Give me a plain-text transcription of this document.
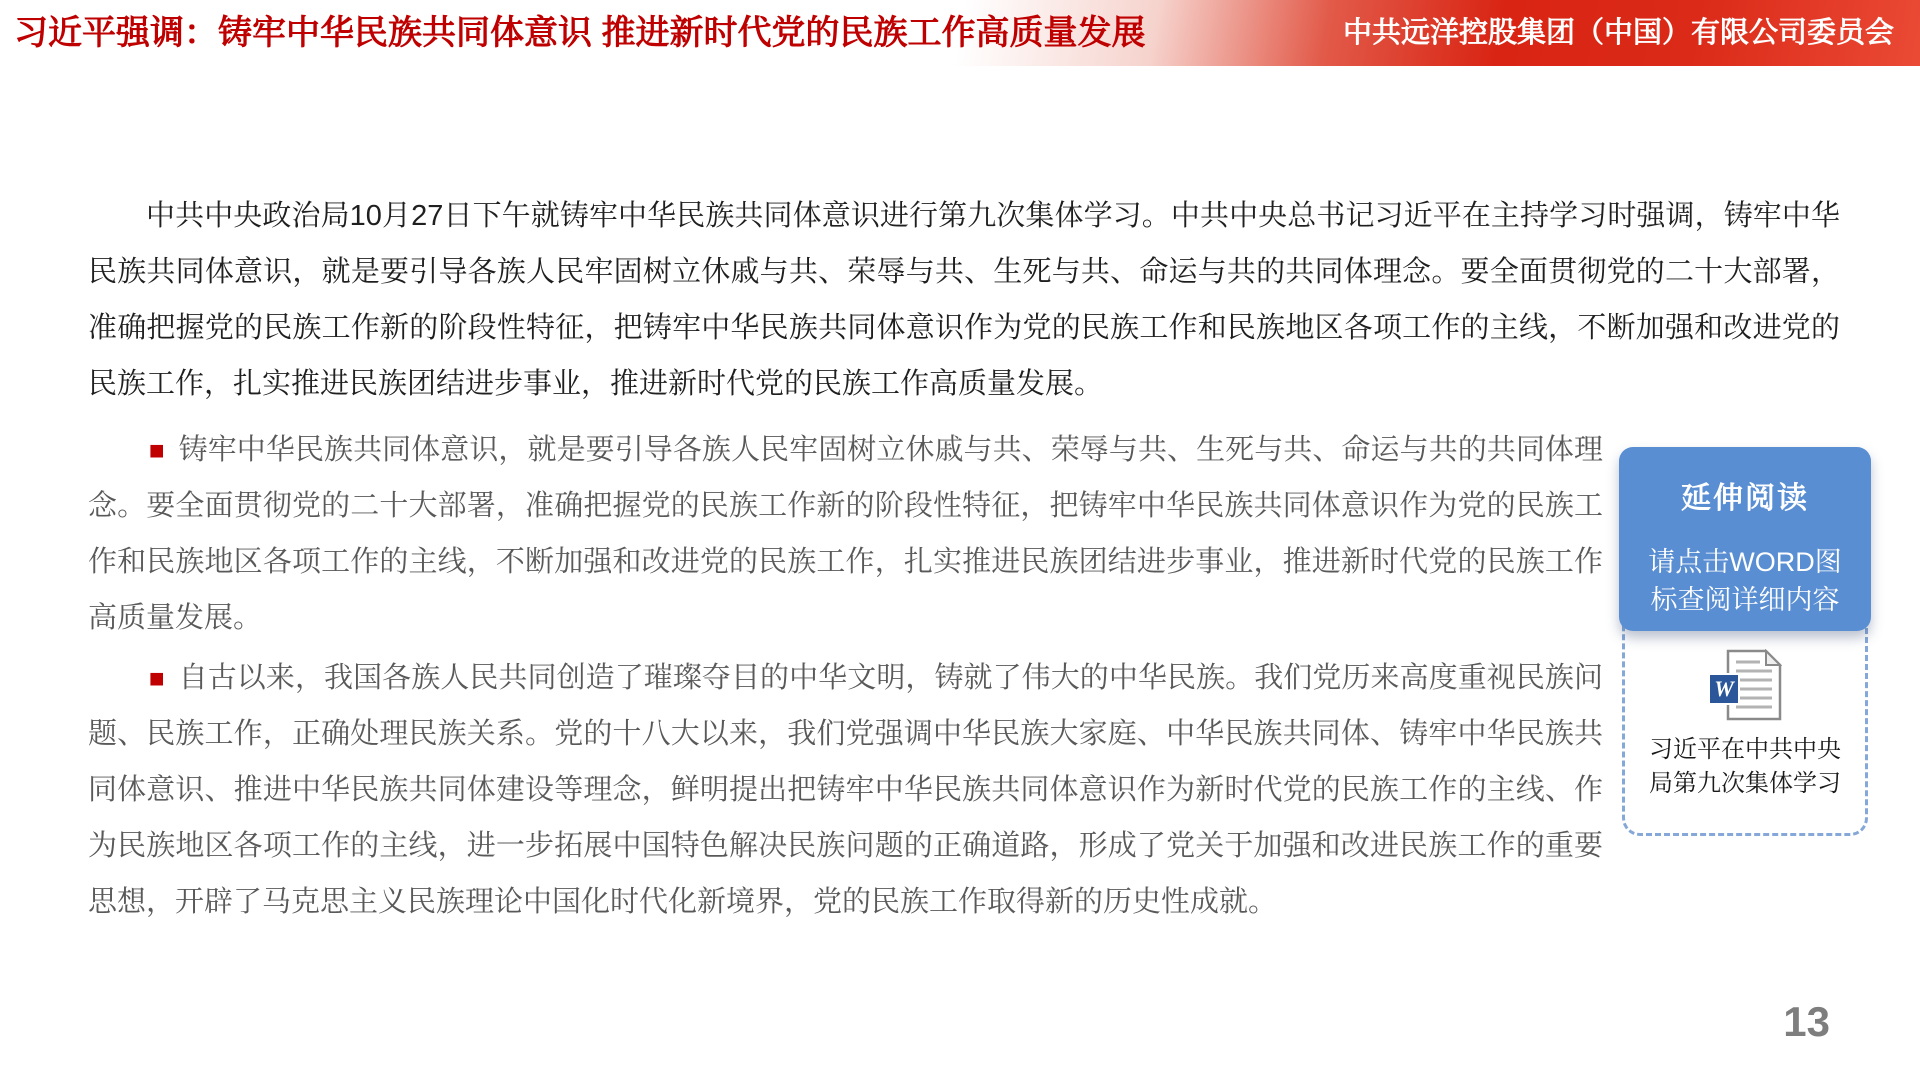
习近平强调：铸牢中华民族共同体意识 推进新时代党的民族工作高质量发展	中共远洋控股集团（中国）有限公司委员会

中共中央政治局10月27日下午就铸牢中华民族共同体意识进行第九次集体学习。中共中央总书记习近平在主持学习时强调，铸牢中华民族共同体意识，就是要引导各族人民牢固树立休戚与共、荣辱与共、生死与共、命运与共的共同体理念。要全面贯彻党的二十大部署，准确把握党的民族工作新的阶段性特征，把铸牢中华民族共同体意识作为党的民族工作和民族地区各项工作的主线，不断加强和改进党的民族工作，扎实推进民族团结进步事业，推进新时代党的民族工作高质量发展。

■ 铸牢中华民族共同体意识，就是要引导各族人民牢固树立休戚与共、荣辱与共、生死与共、命运与共的共同体理念。要全面贯彻党的二十大部署，准确把握党的民族工作新的阶段性特征，把铸牢中华民族共同体意识作为党的民族工作和民族地区各项工作的主线，不断加强和改进党的民族工作，扎实推进民族团结进步事业，推进新时代党的民族工作高质量发展。

■ 自古以来，我国各族人民共同创造了璀璨夺目的中华文明，铸就了伟大的中华民族。我们党历来高度重视民族问题、民族工作，正确处理民族关系。党的十八大以来，我们党强调中华民族大家庭、中华民族共同体、铸牢中华民族共同体意识、推进中华民族共同体建设等理念，鲜明提出把铸牢中华民族共同体意识作为新时代党的民族工作的主线、作为民族地区各项工作的主线，进一步拓展中国特色解决民族问题的正确道路，形成了党关于加强和改进民族工作的重要思想，开辟了马克思主义民族理论中国化时代化新境界，党的民族工作取得新的历史性成就。

延伸阅读
请点击WORD图标查阅详细内容
W
习近平在中共中央局第九次集体学习
13
